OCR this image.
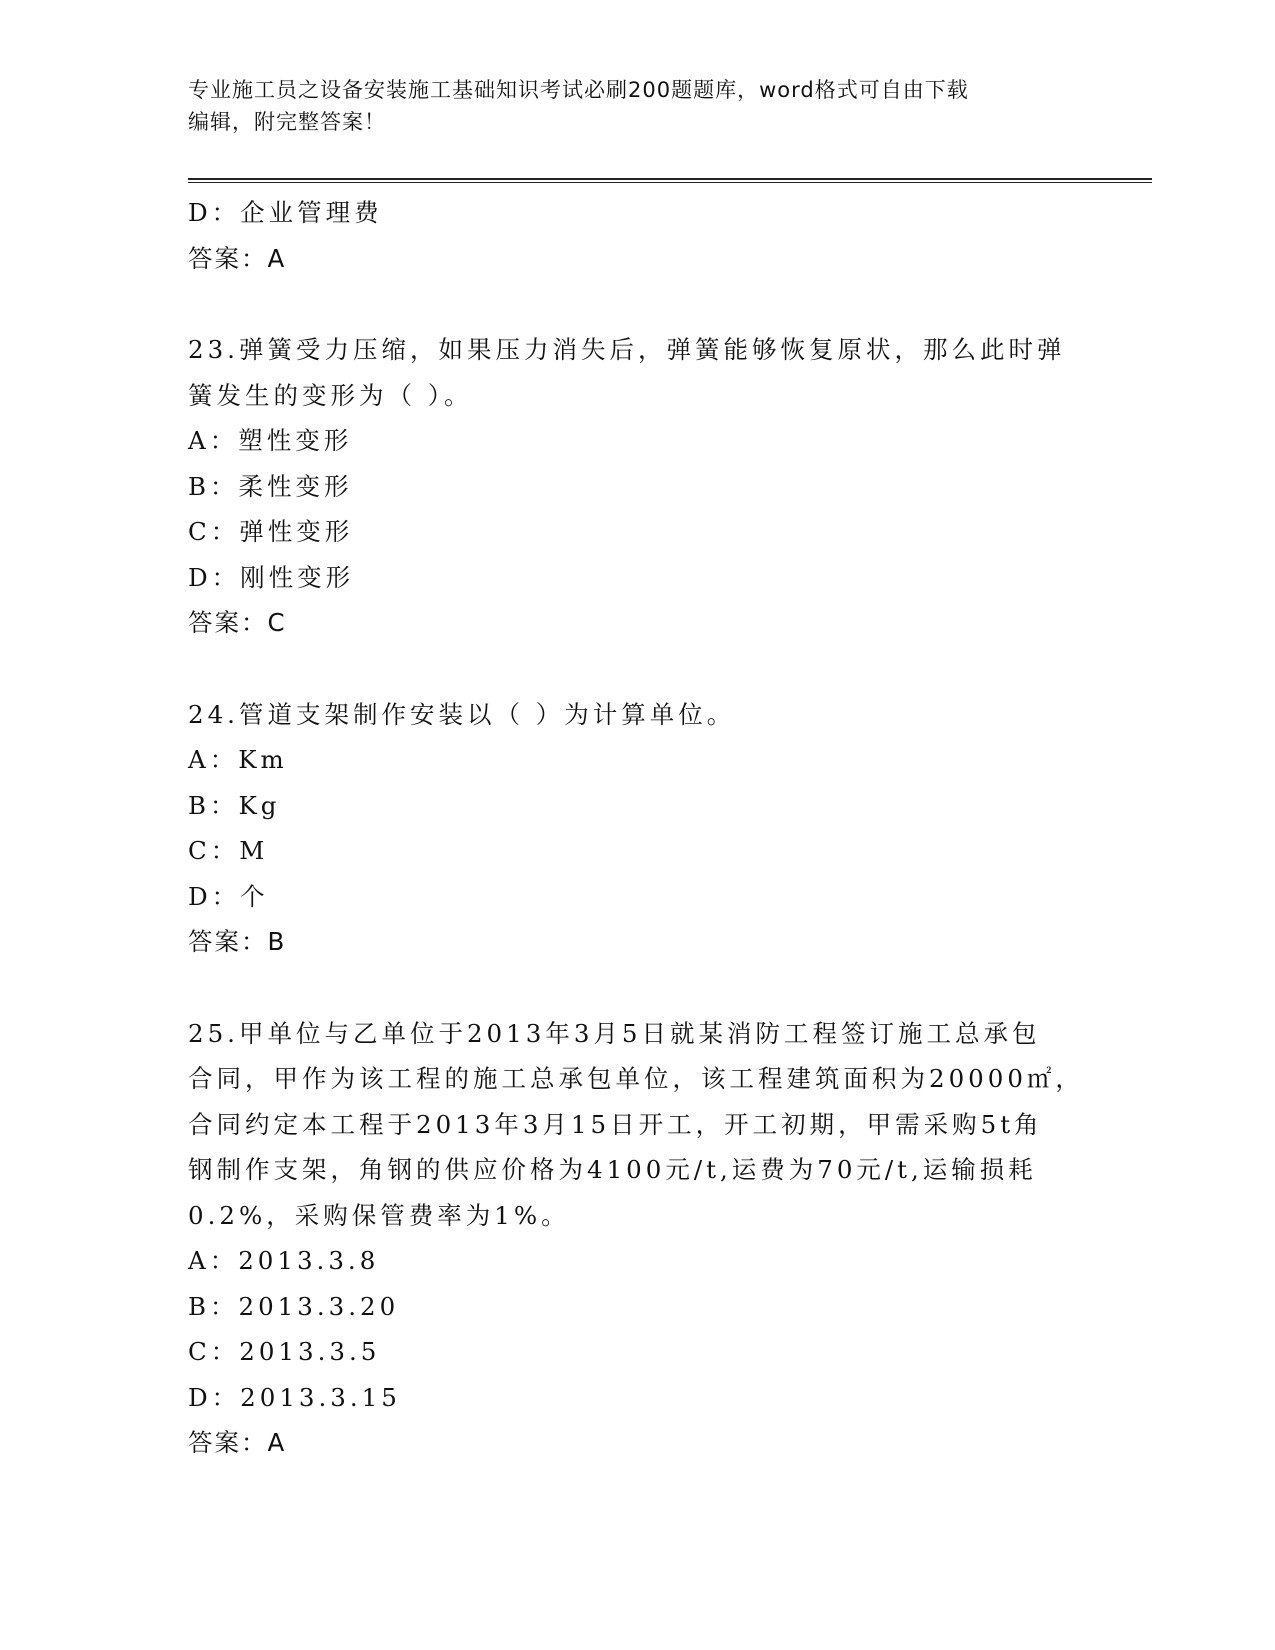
专业施工员之设备安装施工基础知识考试必刷200题题库，word格式可自由下载
编辑，附完整答案！
D：企业管理费
答案：A
23.弹簧受力压缩，如果压力消失后，弹簧能够恢复原状，那么此时弹
簧发生的变形为（ ）。
A：塑性变形
B：柔性变形
C：弹性变形
D：刚性变形
答案：C
24.管道支架制作安装以（ ）为计算单位。
A：Km
B：Kg
C：M
D：个
答案：B
25.甲单位与乙单位于2013年3月5日就某消防工程签订施工总承包
合同，甲作为该工程的施工总承包单位，该工程建筑面积为20000㎡，
合同约定本工程于2013年3月15日开工，开工初期，甲需采购5t角
钢制作支架，角钢的供应价格为4100元/t,运费为70元/t,运输损耗
0.2%，采购保管费率为1%。
A：2013.3.8
B：2013.3.20
C：2013.3.5
D：2013.3.15
答案：A
